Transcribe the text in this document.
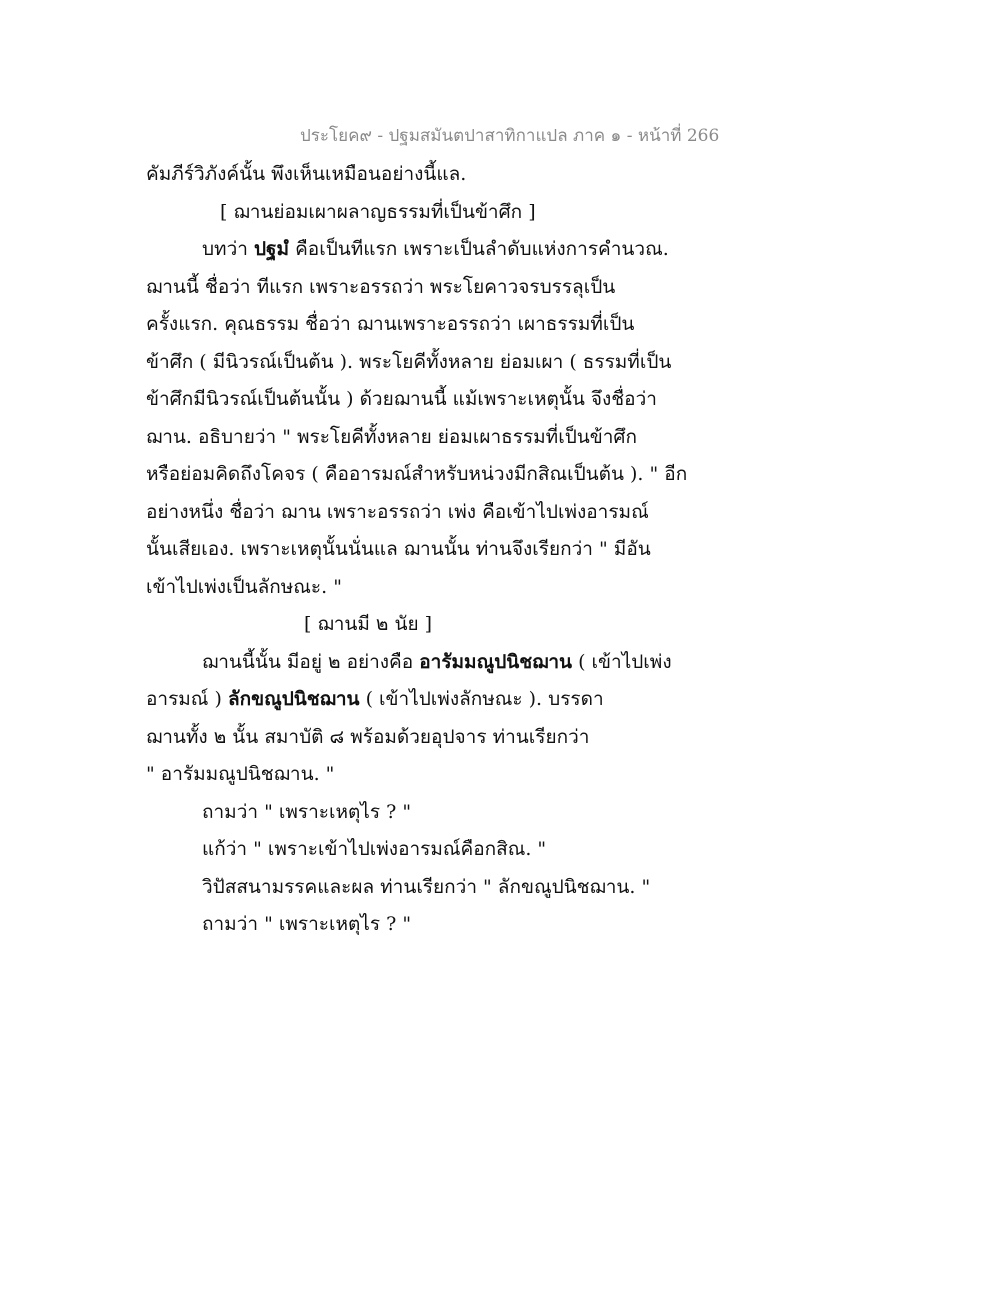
ประโยค๙ - ปฐมสมันตปาสาทิกาแปล ภาค ๑ - หน้าที่ 266
คัมภีร์วิภังค์นั้น พึงเห็นเหมือนอย่างนี้แล.
[ ฌานย่อมเผาผลาญธรรมที่เป็นข้าศึก ]
บทว่า ปฐมํ คือเป็นทีแรก เพราะเป็นลำดับแห่งการคำนวณ.
ฌานนี้ ชื่อว่า ทีแรก เพราะอรรถว่า พระโยคาวจรบรรลุเป็น
ครั้งแรก. คุณธรรม ชื่อว่า ฌานเพราะอรรถว่า เผาธรรมที่เป็น
ข้าศึก ( มีนิวรณ์เป็นต้น ). พระโยคีทั้งหลาย ย่อมเผา ( ธรรมที่เป็น
ข้าศึกมีนิวรณ์เป็นต้นนั้น ) ด้วยฌานนี้ แม้เพราะเหตุนั้น จึงชื่อว่า
ฌาน. อธิบายว่า " พระโยคีทั้งหลาย ย่อมเผาธรรมที่เป็นข้าศึก
หรือย่อมคิดถึงโคจร ( คืออารมณ์สำหรับหน่วงมีกสิณเป็นต้น ). " อีก
อย่างหนึ่ง ชื่อว่า ฌาน เพราะอรรถว่า เพ่ง คือเข้าไปเพ่งอารมณ์
นั้นเสียเอง. เพราะเหตุนั้นนั่นแล ฌานนั้น ท่านจึงเรียกว่า " มีอัน
เข้าไปเพ่งเป็นลักษณะ. "
[ ฌานมี ๒ นัย ]
ฌานนี้นั้น มีอยู่ ๒ อย่างคือ อารัมมณูปนิชฌาน ( เข้าไปเพ่ง
อารมณ์ ) ลักขณูปนิชฌาน ( เข้าไปเพ่งลักษณะ ). บรรดา
ฌานทั้ง ๒ นั้น สมาบัติ ๘ พร้อมด้วยอุปจาร ท่านเรียกว่า
" อารัมมณูปนิชฌาน. "
ถามว่า " เพราะเหตุไร ? "
แก้ว่า " เพราะเข้าไปเพ่งอารมณ์คือกสิณ. "
วิปัสสนามรรคและผล ท่านเรียกว่า " ลักขณูปนิชฌาน. "
ถามว่า " เพราะเหตุไร ? "
